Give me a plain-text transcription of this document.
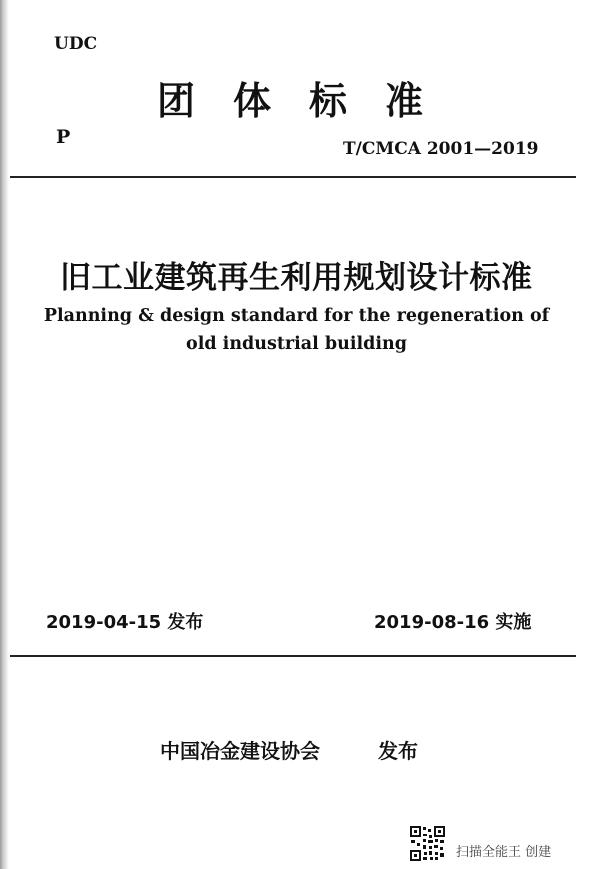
UDC
团体标准
P
T/CMCA 2001—2019
旧工业建筑再生利用规划设计标准
Planning & design standard for the regeneration of
old industrial building
2019-04-15 发布	2019-08-16 实施
中国冶金建设协会	发布
扫描全能王 创建
